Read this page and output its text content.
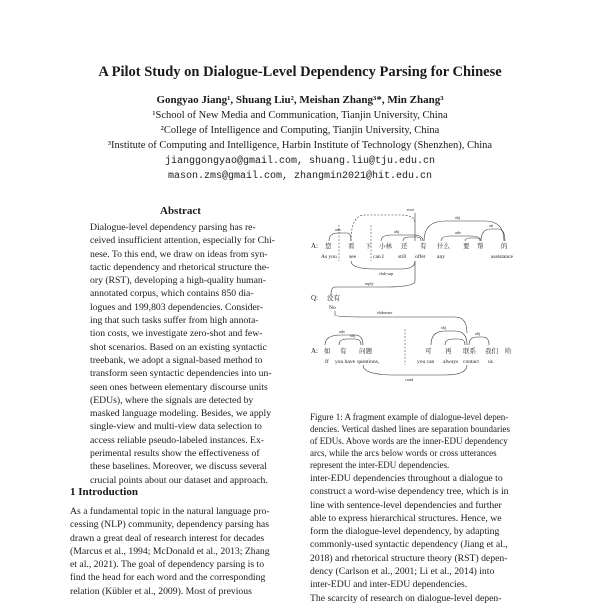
A Pilot Study on Dialogue-Level Dependency Parsing for Chinese
Gongyao Jiang¹, Shuang Liu², Meishan Zhang³*, Min Zhang³
¹School of New Media and Communication, Tianjin University, China
²College of Intelligence and Computing, Tianjin University, China
³Institute of Computing and Intelligence, Harbin Institute of Technology (Shenzhen), China
jianggongyao@gmail.com, shuang.liu@tju.edu.cn
mason.zms@gmail.com, zhangmin2021@hit.edu.cn
Abstract

Dialogue-level dependency parsing has re-

ceived insufficient attention, especially for Chi-

nese. To this end, we draw on ideas from syn-

tactic dependency and rhetorical structure the-

ory (RST), developing a high-quality human-

annotated corpus, which contains 850 dia-

logues and 199,803 dependencies. Consider-

ing that such tasks suffer from high annota-

tion costs, we investigate zero-shot and few-

shot scenarios. Based on an existing syntactic

treebank, we adopt a signal-based method to

transform seen syntactic dependencies into un-

seen ones between elementary discourse units

(EDUs), where the signals are detected by

masked language modeling. Besides, we apply

single-view and multi-view data selection to

access reliable pseudo-labeled instances. Ex-

perimental results show the effectiveness of

these baselines. Moreover, we discuss several

crucial points about our dataset and approach.

1 Introduction

As a fundamental topic in the natural language pro-

cessing (NLP) community, dependency parsing has

drawn a great deal of research interest for decades

(Marcus et al., 1994; McDonald et al., 2013; Zhang

et al., 2021). The goal of dependency parsing is to

find the head for each word and the corresponding

relation (Kübler et al., 2009). Most of previous

inter-EDU dependencies throughout a dialogue to

construct a word-wise dependency tree, which is in

line with sentence-level dependencies and further

able to express hierarchical structures. Hence, we

form the dialogue-level dependency, by adapting

commonly-used syntactic dependency (Jiang et al.,

2018) and rhetorical structure theory (RST) depen-

dency (Carlson et al., 2001; Li et al., 2014) into

inter-EDU and inter-EDU dependencies.

The scarcity of research on dialogue-level depen-

A: 您	看 下 小林 还 有 什么 要 帮	的
As you see	can I	still offer any	assistance
adv	obj
root
sbj
adv
att
elab-sup
reply
Q: 没有
No
elaborate
adv
sbj
obj
sbj
A: 如 有 问题	可 再 联系 我们 哈
If you have questions,	you can always contact us
cond
Figure 1: A fragment example of dialogue-level depen-
dencies. Vertical dashed lines are separation boundaries
of EDUs. Above words are the inner-EDU dependency
arcs, while the arcs below words or cross utterances
represent the inter-EDU dependencies.
